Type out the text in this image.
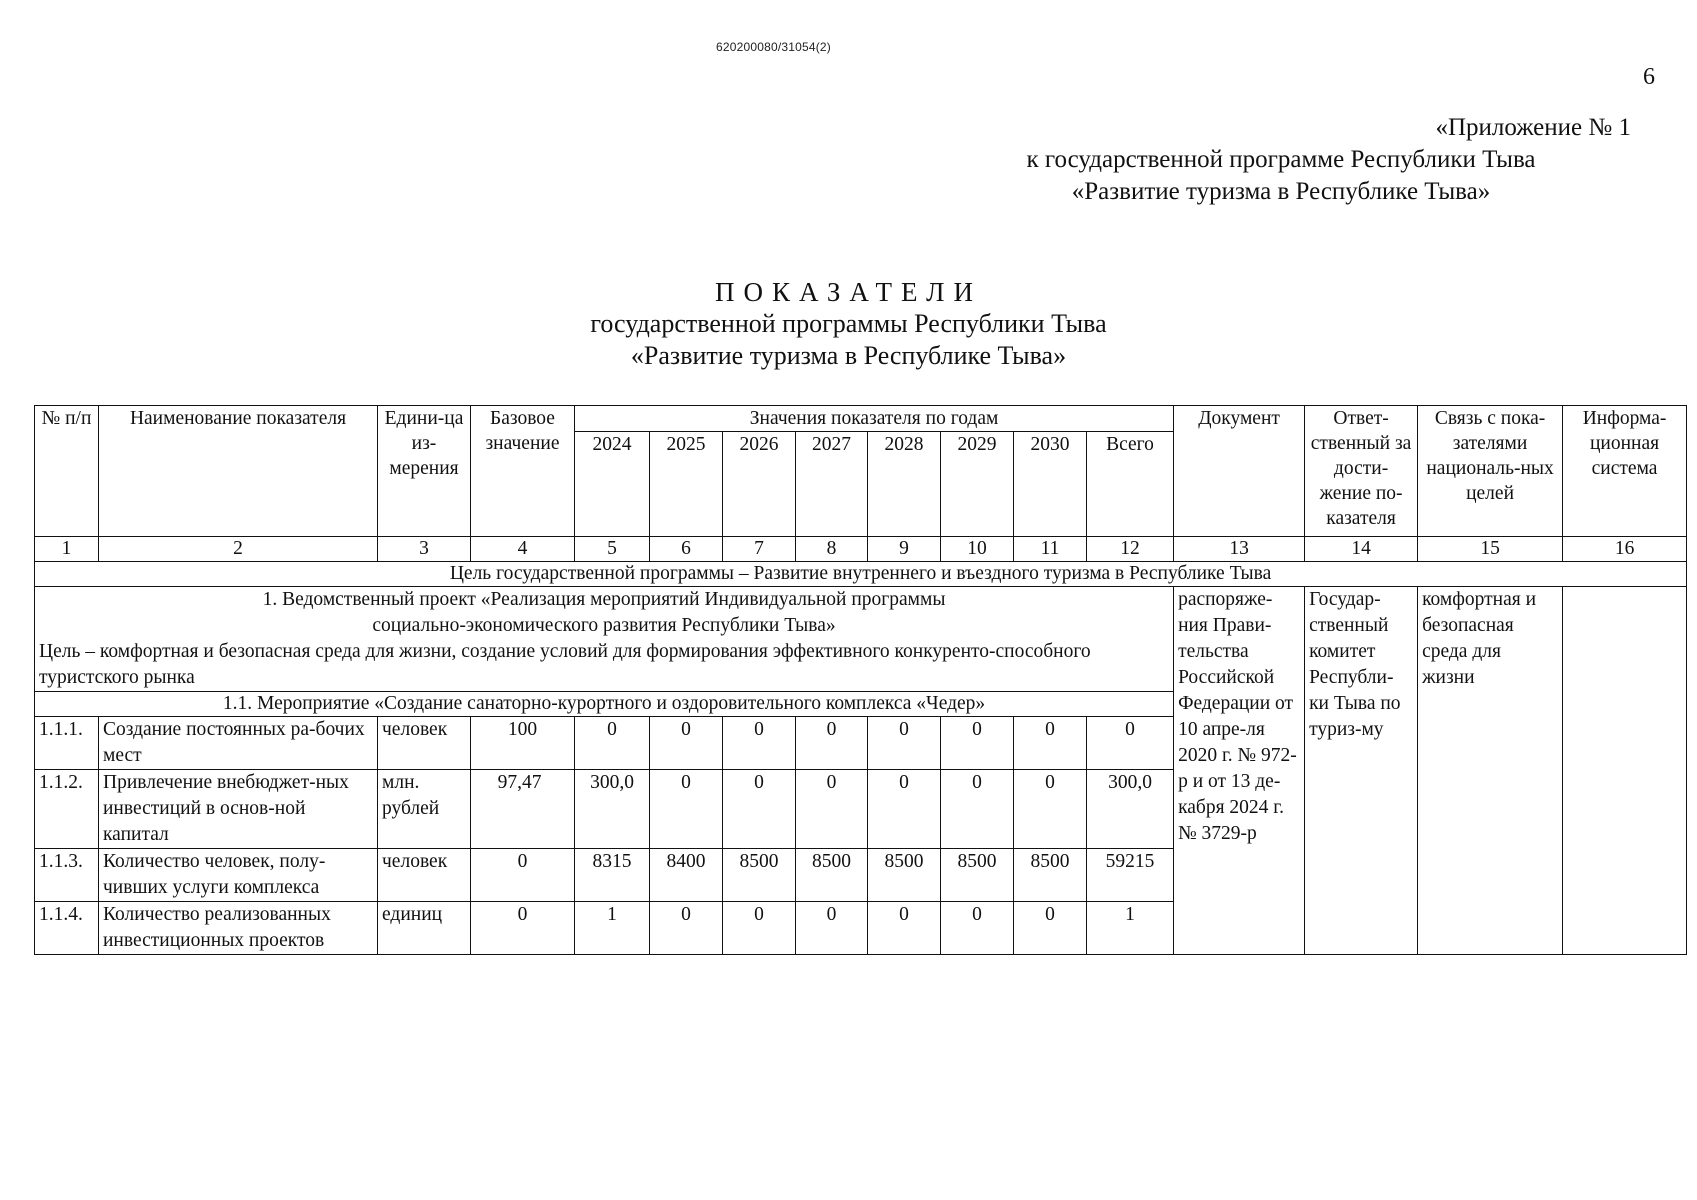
620200080/31054(2)
6
«Приложение № 1
к государственной программе Республики Тыва
«Развитие туризма в Республике Тыва»
ПОКАЗАТЕЛИ
государственной программы Республики Тыва
«Развитие туризма в Республике Тыва»
№ п/п	Наименование показателя	Едини-ца из-мерения	Базовое значение	Значения показателя по годам								Документ	Ответ-ственный за дости-жение по-казателя	Связь с пока-зателями националь-ных целей	Информа-ционная система
				2024	2025	2026	2027	2028	2029	2030	Всего				
1	2	3	4	5	6	7	8	9	10	11	12	13	14	15	16
Цель государственной программы – Развитие внутреннего и въездного туризма в Республике Тыва															

1. Ведомственный проект «Реализация мероприятий Индивидуальной программы
социально-экономического развития Республики Тыва»
Цель – комфортная и безопасная среда для жизни, создание условий для формирования эффективного конкуренто-способного туристского рынка												распоряже-ния Прави-тельства Российской Федерации от 10 апре-ля 2020 г. № 972-р и от 13 де-кабря 2024 г. № 3729-р	Государ-ственный комитет Республи-ки Тыва по туриз-му	комфортная и безопасная среда для жизни	
1.1. Мероприятие «Создание санаторно-курортного и оздоровительного комплекса «Чедер»															
1.1.1.	Создание постоянных ра-бочих мест	человек	100	0	0	0	0	0	0	0	0				
1.1.2.	Привлечение внебюджет-ных инвестиций в основ-ной капитал	млн. рублей	97,47	300,0	0	0	0	0	0	0	300,0				
1.1.3.	Количество человек, полу-чивших услуги комплекса	человек	0	8315	8400	8500	8500	8500	8500	8500	59215				
1.1.4.	Количество реализованных инвестиционных проектов	единиц	0	1	0	0	0	0	0	0	1				
